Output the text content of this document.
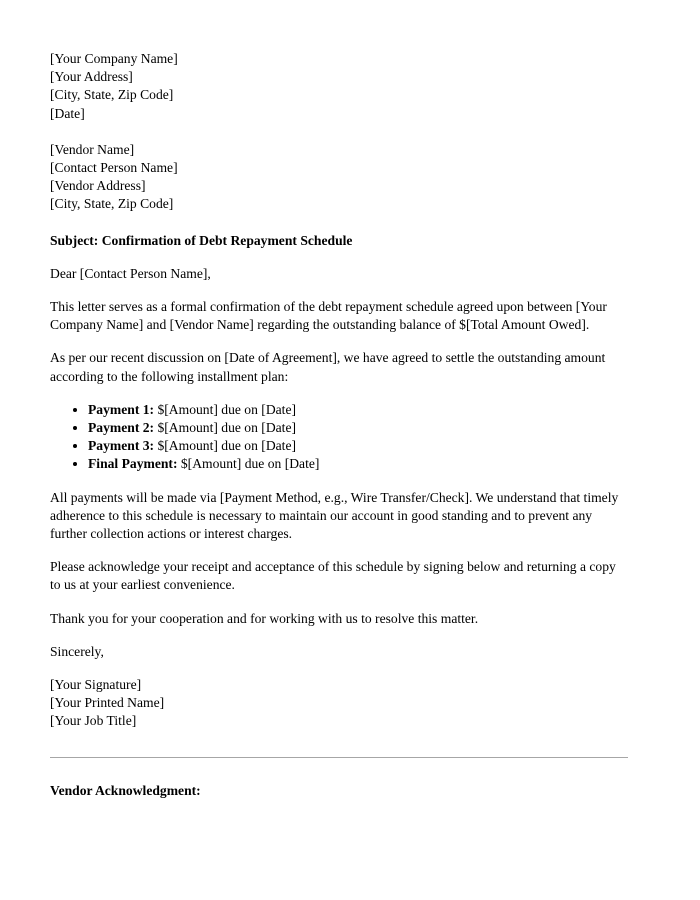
[Your Company Name]

[Your Address]

[City, State, Zip Code]

[Date]

[Vendor Name]

[Contact Person Name]

[Vendor Address]

[City, State, Zip Code]

Subject: Confirmation of Debt Repayment Schedule

Dear [Contact Person Name],

This letter serves as a formal confirmation of the debt repayment schedule agreed upon between [Your Company Name] and [Vendor Name] regarding the outstanding balance of $[Total Amount Owed].

As per our recent discussion on [Date of Agreement], we have agreed to settle the outstanding amount according to the following installment plan:

• Payment 1: $[Amount] due on [Date]
• Payment 2: $[Amount] due on [Date]
• Payment 3: $[Amount] due on [Date]
• Final Payment: $[Amount] due on [Date]

All payments will be made via [Payment Method, e.g., Wire Transfer/Check]. We understand that timely adherence to this schedule is necessary to maintain our account in good standing and to prevent any further collection actions or interest charges.

Please acknowledge your receipt and acceptance of this schedule by signing below and returning a copy to us at your earliest convenience.

Thank you for your cooperation and for working with us to resolve this matter.

Sincerely,

[Your Signature]

[Your Printed Name]

[Your Job Title]

Vendor Acknowledgment:
